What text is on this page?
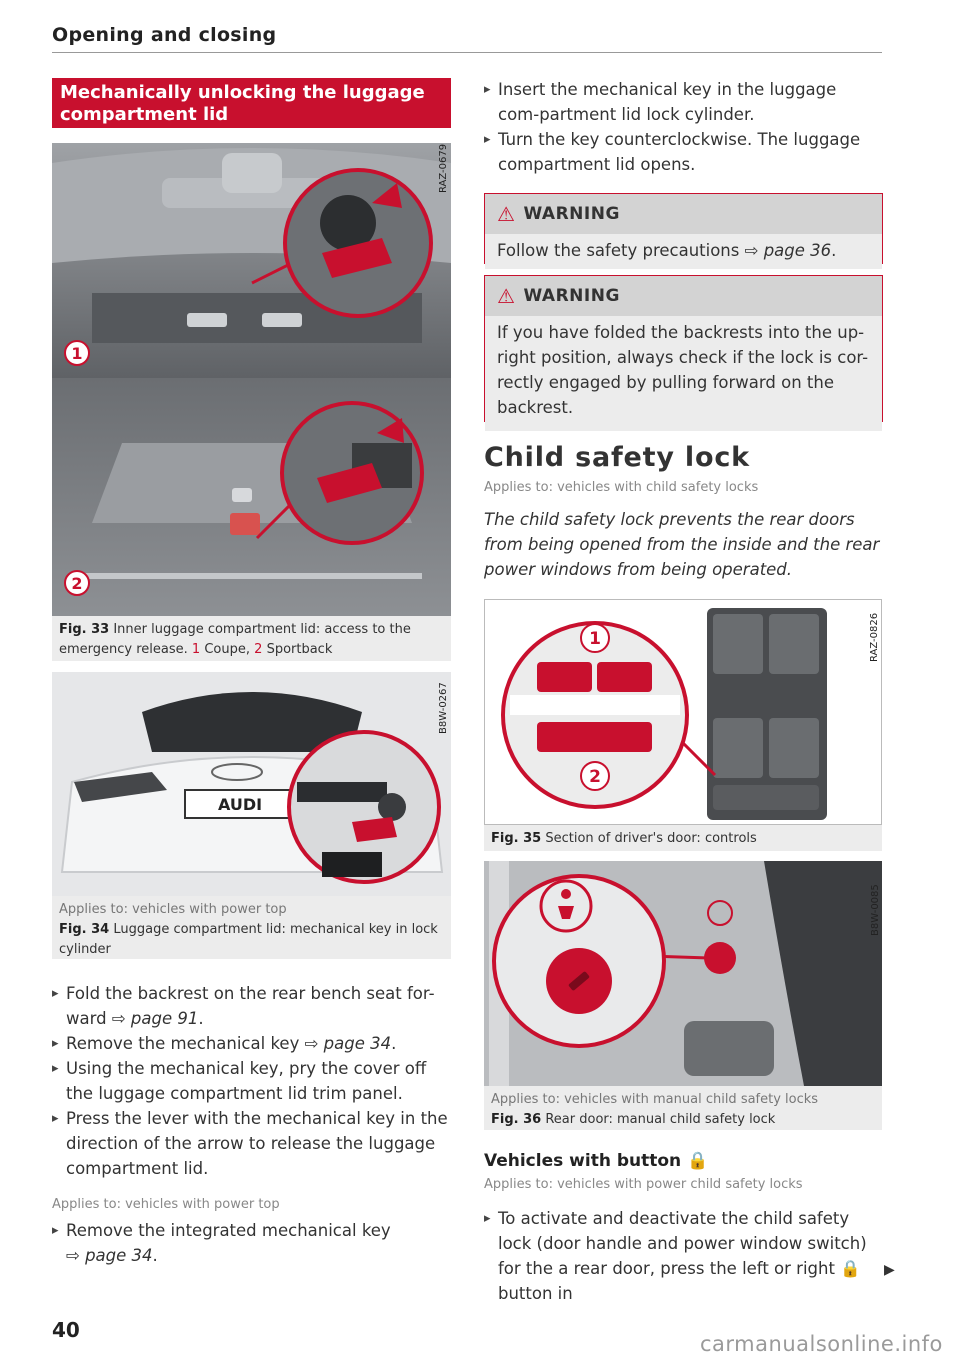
Opening and closing
Mechanically unlocking the luggage compartment lid
1
2
RAZ-0679
Fig. 33 Inner luggage compartment lid: access to the emergency release. 1 Coupe, 2 Sportback
AUDI
B8W-0267
Applies to: vehicles with power top
Fig. 34 Luggage compartment lid: mechanical key in lock cylinder
▸ Fold the backrest on the rear bench seat for-ward ⇨ page 91.
▸ Remove the mechanical key ⇨ page 34.
▸ Using the mechanical key, pry the cover off the luggage compartment lid trim panel.
▸ Press the lever with the mechanical key in the direction of the arrow to release the luggage compartment lid.
Applies to: vehicles with power top
▸ Remove the integrated mechanical key
⇨ page 34.
▸ Insert the mechanical key in the luggage com-partment lid lock cylinder.
▸ Turn the key counterclockwise. The luggage compartment lid opens.
⚠ WARNING
Follow the safety precautions ⇨ page 36.
⚠ WARNING
If you have folded the backrests into the up-right position, always check if the lock is cor-rectly engaged by pulling forward on the backrest.
Child safety lock
Applies to: vehicles with child safety locks
The child safety lock prevents the rear doors from being opened from the inside and the rear power windows from being operated.
1
2
RAZ-0826
Fig. 35 Section of driver's door: controls
B8W-0085
Applies to: vehicles with manual child safety locks
Fig. 36 Rear door: manual child safety lock
Vehicles with button 🔒
Applies to: vehicles with power child safety locks
▸ To activate and deactivate the child safety lock (door handle and power window switch) for the a rear door, press the left or right 🔒 button in
▶
40
carmanualsonline.info
